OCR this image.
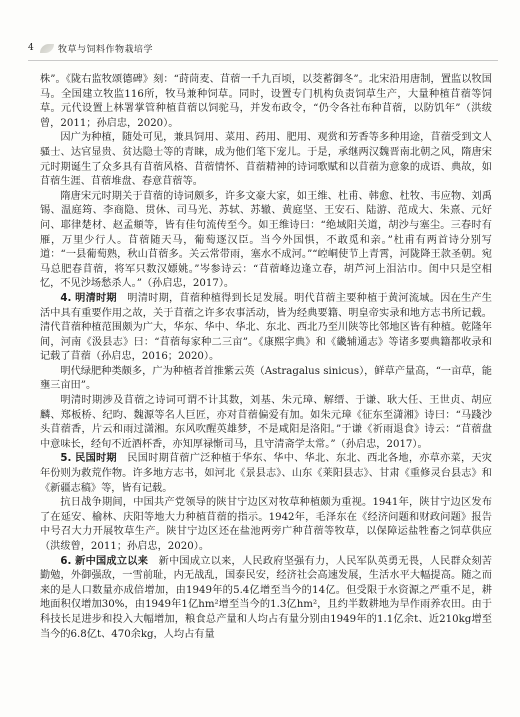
4	牧草与饲料作物栽培学

株”。《陇右监牧颂德碑》刻：“莳茼麦、苜蓿一千九百顷，以茭蓄御冬”。北宋沿用唐制，置监以牧国马。全国建立牧监116所，牧马兼种饲草。同时，设置专门机构负责饲草生产，大量种植苜蓿等饲草。元代设置上林署掌管种植苜蓿以饲驼马，并发布政令，“仍令各社布种苜蓿，以防饥年”（洪绂曾，2011；孙启忠，2020）。

因广为种植，随处可见，兼具饲用、菜用、药用、肥用、观赏和芳香等多种用途，苜蓿受到文人骚士、达官显贵、贫达隐士等的青睐，成为他们笔下宠儿。于是，承继两汉魏晋南北朝之风，隋唐宋元时期诞生了众多具有苜蓿风格、苜蓿情怀、苜蓿精神的诗词歌赋和以苜蓿为意象的成语、典故，如苜蓿生涯、苜蓿堆盘、春意苜蓿等。

隋唐宋元时期关于苜蓿的诗词颇多，许多文豪大家，如王维、杜甫、韩愈、杜牧、韦应物、刘禹锡、温庭筠、李商隐、贯休、司马光、苏轼、苏辙、黄庭坚、王安石、陆游、范成大、朱熹、元好问、耶律楚材、赵孟頫等，皆有佳句流传至今。如王维诗曰：“绝域阳关道，胡沙与塞尘。三春时有雁，万里少行人。苜蓿随天马，葡萄逐汉臣。当今外国惧，不敢觅和亲。”杜甫有两首诗分别写道：“一县葡萄熟，秋山苜蓿多。关云常带雨，塞水不成河。”“崆峒使节上青霄，河陇降王款圣朝。宛马总肥春苜蓿，将军只数汉嫖姚。”岑参诗云：“苜蓿峰边逢立春，胡芦河上泪沾巾。闺中只是空相忆，不见沙场愁杀人。”（孙启忠，2017）。

4. 明清时期　明清时期，苜蓿种植得到长足发展。明代苜蓿主要种植于黄河流域。因在生产生活中具有重要作用之故，关于苜蓿之许多农事活动，皆为经典要籍、明皇帝实录和地方志书所记载。清代苜蓿种植范围颇为广大，华东、华中、华北、东北、西北乃至川陕等比邻地区皆有种植。乾隆年间，河南《汲县志》曰：“苜蓿每家种二三亩”。《康熙字典》和《畿辅通志》等诸多要典籍都收录和记载了苜蓿（孙启忠，2016；2020）。

明代绿肥种类颇多，广为种植者首推紫云英（Astragalus sinicus），鲜草产量高，“一亩草，能壅三亩田”。

明清时期涉及苜蓿之诗词可谓不计其数，刘基、朱元璋、解缙、于谦、耿大任、王世贞、胡应麟、郑板桥、纪昀、魏源等名人巨匠，亦对苜蓿偏爱有加。如朱元璋《征东至潇湘》诗曰：“马踐沙头苜蓿香，片云和雨过潇湘。东风吹醒英雄梦，不是咸阳是洛阳。”于谦《祈雨退食》诗云：“苜蓿盘中意味长，经旬不近酒杯香，亦知厚禄惭司马，且守清斋学太常。”（孙启忠，2017）。

5. 民国时期　民国时期苜蓿广泛种植于华东、华中、华北、东北、西北各地，亦草亦菜，天灾年份则为救荒作物。许多地方志书，如河北《景县志》、山东《莱阳县志》、甘肃《重修灵台县志》和《新疆志稿》等，皆有记载。

抗日战争期间，中国共产党领导的陕甘宁边区对牧草种植颇为重视。1941年，陕甘宁边区发布了在延安、榆林、庆阳等地大力种植苜蓿的指示。1942年，毛泽东在《经济问题和财政问题》报告中号召大力开展牧草生产。陕甘宁边区还在盐池两旁广种苜蓿等牧草，以保障运盐牲畜之饲草供应（洪绂曾，2011；孙启忠，2020）。

6. 新中国成立以来　新中国成立以来，人民政府坚强有力，人民军队英勇无畏，人民群众刻苦勤勉，外御强敌，一雪前耻，内无战乱，国泰民安，经济社会高速发展，生活水平大幅提高。随之而来的是人口数量亦成倍增加，由1949年的5.4亿增至当今的14亿。但受限于水资源之严重不足，耕地面积仅增加30%，由1949年1亿hm²增至当今的1.3亿hm²，且约半数耕地为旱作雨养农田。由于科技长足进步和投入大幅增加，粮食总产量和人均占有量分别由1949年的1.1亿余t、近210kg增至当今的6.8亿t、470余kg，人均占有量
